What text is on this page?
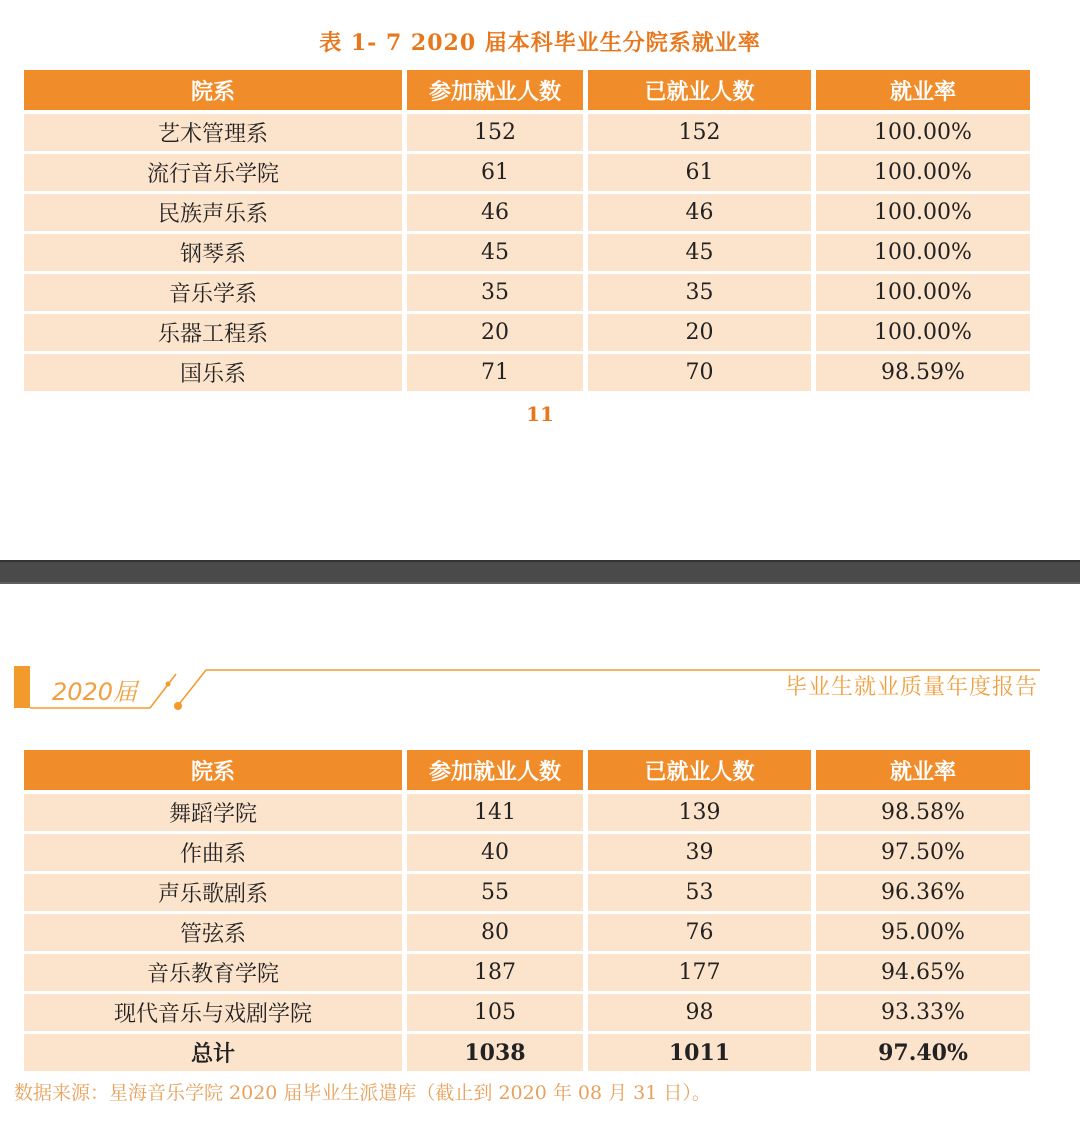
表 1- 7 2020 届本科毕业生分院系就业率
院系	参加就业人数	已就业人数	就业率
艺术管理系	152	152	100.00%
流行音乐学院	61	61	100.00%
民族声乐系	46	46	100.00%
钢琴系	45	45	100.00%
音乐学系	35	35	100.00%
乐器工程系	20	20	100.00%
国乐系	71	70	98.59%
11
2020届	毕业生就业质量年度报告
院系	参加就业人数	已就业人数	就业率
舞蹈学院	141	139	98.58%
作曲系	40	39	97.50%
声乐歌剧系	55	53	96.36%
管弦系	80	76	95.00%
音乐教育学院	187	177	94.65%
现代音乐与戏剧学院	105	98	93.33%
总计	1038	1011	97.40%
数据来源：星海音乐学院 2020 届毕业生派遣库（截止到 2020 年 08 月 31 日）。
